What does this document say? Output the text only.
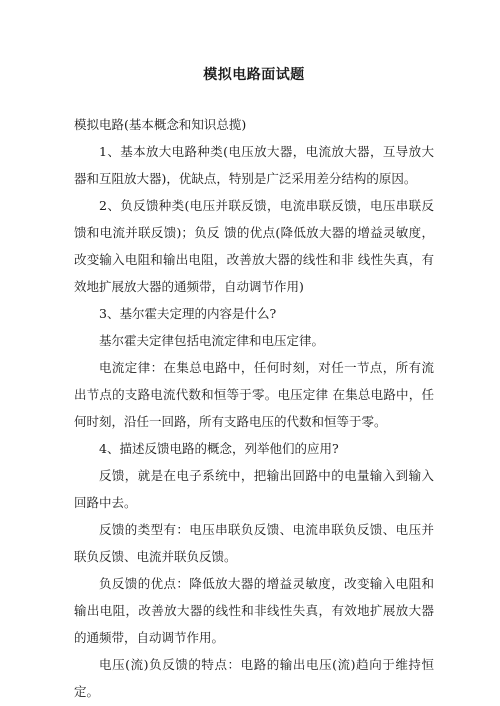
模拟电路面试题

模拟电路(基本概念和知识总揽)

1、基本放大电路种类(电压放大器，电流放大器，互导放大器和互阻放大器)，优缺点，特别是广泛采用差分结构的原因。

2、负反馈种类(电压并联反馈，电流串联反馈，电压串联反馈和电流并联反馈)；负反 馈的优点(降低放大器的增益灵敏度，改变输入电阻和输出电阻，改善放大器的线性和非 线性失真，有效地扩展放大器的通频带，自动调节作用)

3、基尔霍夫定理的内容是什么?

基尔霍夫定律包括电流定律和电压定律。

电流定律：在集总电路中，任何时刻，对任一节点，所有流出节点的支路电流代数和恒等于零。电压定律 在集总电路中，任何时刻，沿任一回路，所有支路电压的代数和恒等于零。

4、描述反馈电路的概念，列举他们的应用?

反馈，就是在电子系统中，把输出回路中的电量输入到输入回路中去。

反馈的类型有：电压串联负反馈、电流串联负反馈、电压并联负反馈、电流并联负反馈。

负反馈的优点：降低放大器的增益灵敏度，改变输入电阻和输出电阻，改善放大器的线性和非线性失真，有效地扩展放大器的通频带，自动调节作用。

电压(流)负反馈的特点：电路的输出电压(流)趋向于维持恒定。
